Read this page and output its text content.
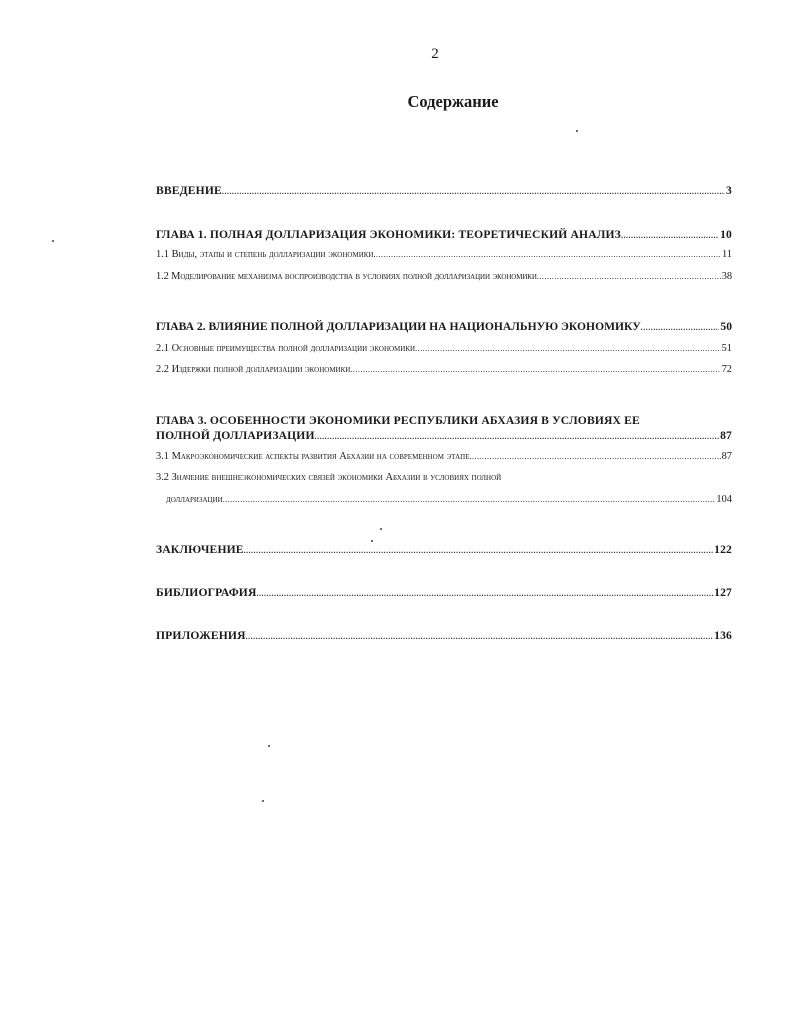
2
Содержание
ВВЕДЕНИЕ .....	3
ГЛАВА 1. ПОЛНАЯ ДОЛЛАРИЗАЦИЯ ЭКОНОМИКИ: ТЕОРЕТИЧЕСКИЙ АНАЛИЗ .....	10
1.1 Виды, этапы и степень долларизации экономики .....	11
1.2 Моделирование механизма воспроизводства в условиях полной долларизации экономики .....	38
ГЛАВА 2. ВЛИЯНИЕ ПОЛНОЙ ДОЛЛАРИЗАЦИИ НА НАЦИОНАЛЬНУЮ ЭКОНОМИКУ .....	50
2.1 Основные преимущества полной долларизации экономики .....	51
2.2 Издержки полной долларизации экономики .....	72
ГЛАВА 3. ОСОБЕННОСТИ ЭКОНОМИКИ РЕСПУБЛИКИ АБХАЗИЯ В УСЛОВИЯХ ЕЕ
ПОЛНОЙ ДОЛЛАРИЗАЦИИ .....	87
3.1 Макроэкономические аспекты развития Абхазии на современном этапе .....	87
3.2 Значение внешнеэкономических связей экономики Абхазии в условиях полной
долларизации .....	104
ЗАКЛЮЧЕНИЕ .....	122
БИБЛИОГРАФИЯ .....	127
ПРИЛОЖЕНИЯ .....	136
